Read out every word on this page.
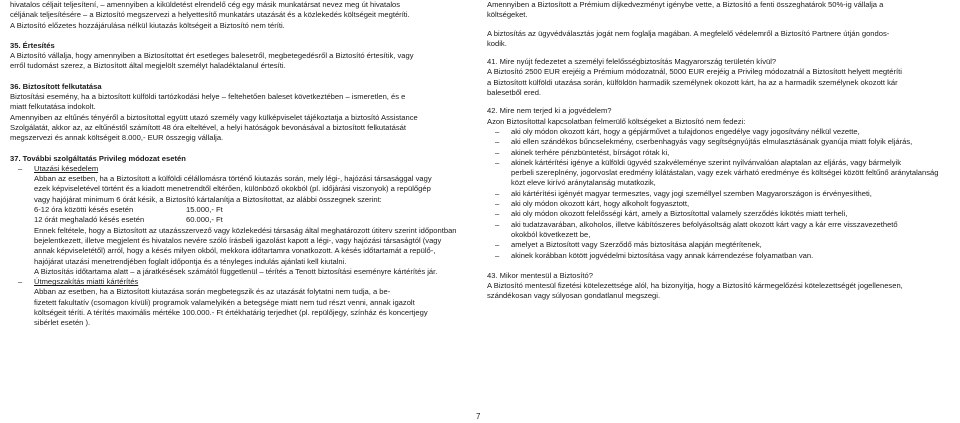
hivatalos céljait teljesítení, – amennyiben a kiküldetést elrendelő cég egy másik munkatársat nevez meg út hivatalos

céljának teljesítésére – a Biztosító megszervezi a helyettesítő munkatárs utazását és a közlekedés költségeit megtéríti.

A Biztosító előzetes hozzájárulása nélkül kiutazás költségeit a Biztosító nem téríti.

35. Értesítés

A Biztosító vállalja, hogy amennyiben a Biztosítottat ért esetleges balesetről, megbetegedésről a Biztosító értesítik, vagy

erről tudomást szerez, a Biztosított által megjelölt személyt haladéktalanul értesíti.

36. Biztosított felkutatása

Biztosítási esemény, ha a biztosított külföldi tartózkodási helye – feltehetően baleset következtében – ismeretlen, és e

miatt felkutatása indokolt.

Amennyiben az eltűnés tényéről a biztosítottal együtt utazó személy vagy külképviselet tájékoztatja a biztosító Assistance

Szolgálatát, akkor az, az eltűnéstől számított 48 óra elteltével, a helyi hatóságok bevonásával a biztosított felkutatását

megszervezi és annak költségeit 8.000,- EUR összegig vállalja.

37. További szolgáltatás Privileg módozat esetén

– Utazási késedelem

Abban az esetben, ha a Biztosított a külföldi célállomásra történő kiutazás során, mely légi-, hajózási társasággal vagy

ezek képviseletével történt és a kiadott menetrendtől eltérően, különböző okokból (pl. időjárási viszonyok) a repülőgép

vagy hajójárat minimum 6 órát késik, a Biztosító kártalanítja a Biztosítottat, az alábbi összegnek szerint:

6-12 óra közötti késés esetén	15.000,- Ft

12 órát meghaladó késés esetén	60.000,- Ft

Ennek feltétele, hogy a Biztosított az utazásszervező vagy közlekedési társaság által meghatározott útiterv szerint időpontban

bejelentkezett, illetve megjelent és hivatalos nevére szóló írásbeli igazolást kapott a légi-, vagy hajózási társaságtól (vagy

annak képviseletétől) arról, hogy a késés milyen okból, mekkora időtartamra vonatkozott. A késés időtartamát a repülő-,

hajójárat utazási menetrendjében foglalt időpontja és a tényleges indulás ajánlati kell kiutalni.

A Biztosítás időtartama alatt – a járatkésések számától függetlenül – térítés a Tenott biztosítási eseményre kártérítés jár.

– Útmegszakítás miatti kártérítés

Abban az esetben, ha a Biztosított kiutazása során megbetegszik és az utazását folytatni nem tudja, a be-

fizetett fakultatív (csomagon kívüli) programok valamelyikén a betegsége miatt nem tud részt venni, annak igazolt

költségeit téríti. A térítés maximális mértéke 100.000.- Ft értékhatárig terjedhet (pl. repülőjegy, színház és koncertjegy

sibérlet esetén ).

Amennyiben a Biztosított a Prémium díjkedvezményt igénybe vette, a Biztosító a fenti összeghatárok 50%-ig vállalja a

költségeket.

A biztosítás az ügyvédválasztás jogát nem foglalja magában. A megfelelő védelemről a Biztosító Partnere útján gondos-

kodik.

41. Mire nyújt fedezetet a személyi felelősségbiztosítás Magyarország területén kívül?

A Biztosító 2500 EUR erejéig a Prémium módozatnál, 5000 EUR erejéig a Privileg módozatnál a Biztosított helyett megtéríti

a Biztosított külföldi utazása során, külföldön harmadik személynek okozott kárt, ha az a harmadik személynek okozott kár

balesetből ered.

42. Mire nem terjed ki a jogvédelem?

Azon Biztosítottal kapcsolatban felmerülő költségeket a Biztosító nem fedezi:

– aki oly módon okozott kárt, hogy a gépjárművet a tulajdonos engedélye vagy jogosítvány nélkül vezette,

– aki ellen szándékos bűncselekmény, cserbenhagyás vagy segítségnyújtás elmulasztásának gyanúja miatt folyik eljárás,

– akinek terhére pénzbüntetést, bírságot rótak ki,

– akinek kártérítési igénye a külföldi ügyvéd szakvéleménye szerint nyilvánvalóan alaptalan az eljárás, vagy bármelyik

perbeli szereplnény, jogorvoslat eredmény kilátástalan, vagy ezek várható eredménye és költségei között feltűnő aránytalanság

közt eleve kirívó aránytalanság mutatkozik,

– aki kártérítési igényét magyar termesztes, vagy jogi személlyel szemben Magyarországon is érvényesítheti,

– aki oly módon okozott kárt, hogy alkoholt fogyasztott,

– aki oly módon okozott felelősségi kárt, amely a Biztosítottal valamely szerződés kikötés miatt terheli,

– aki tudatzavarában, alkoholos, illetve kábítószeres befolyásoltság alatt okozott kárt vagy a kár erre visszavezethető

okokból következett be,

– amelyet a Biztosított vagy Szerződő más biztosítása alapján megtérítenek,

– akinek korábban kötött jogvédelmi biztosítása vagy annak kárrendezése folyamatban van.

43. Mikor mentesül a Biztosító?

A Biztosító mentesül fizetési kötelezettsége alól, ha bizonyítja, hogy a Biztosító kármegelőzési kötelezettségét jogellenesen,

szándékosan vagy súlyosan gondatlanul megszegi.

7
